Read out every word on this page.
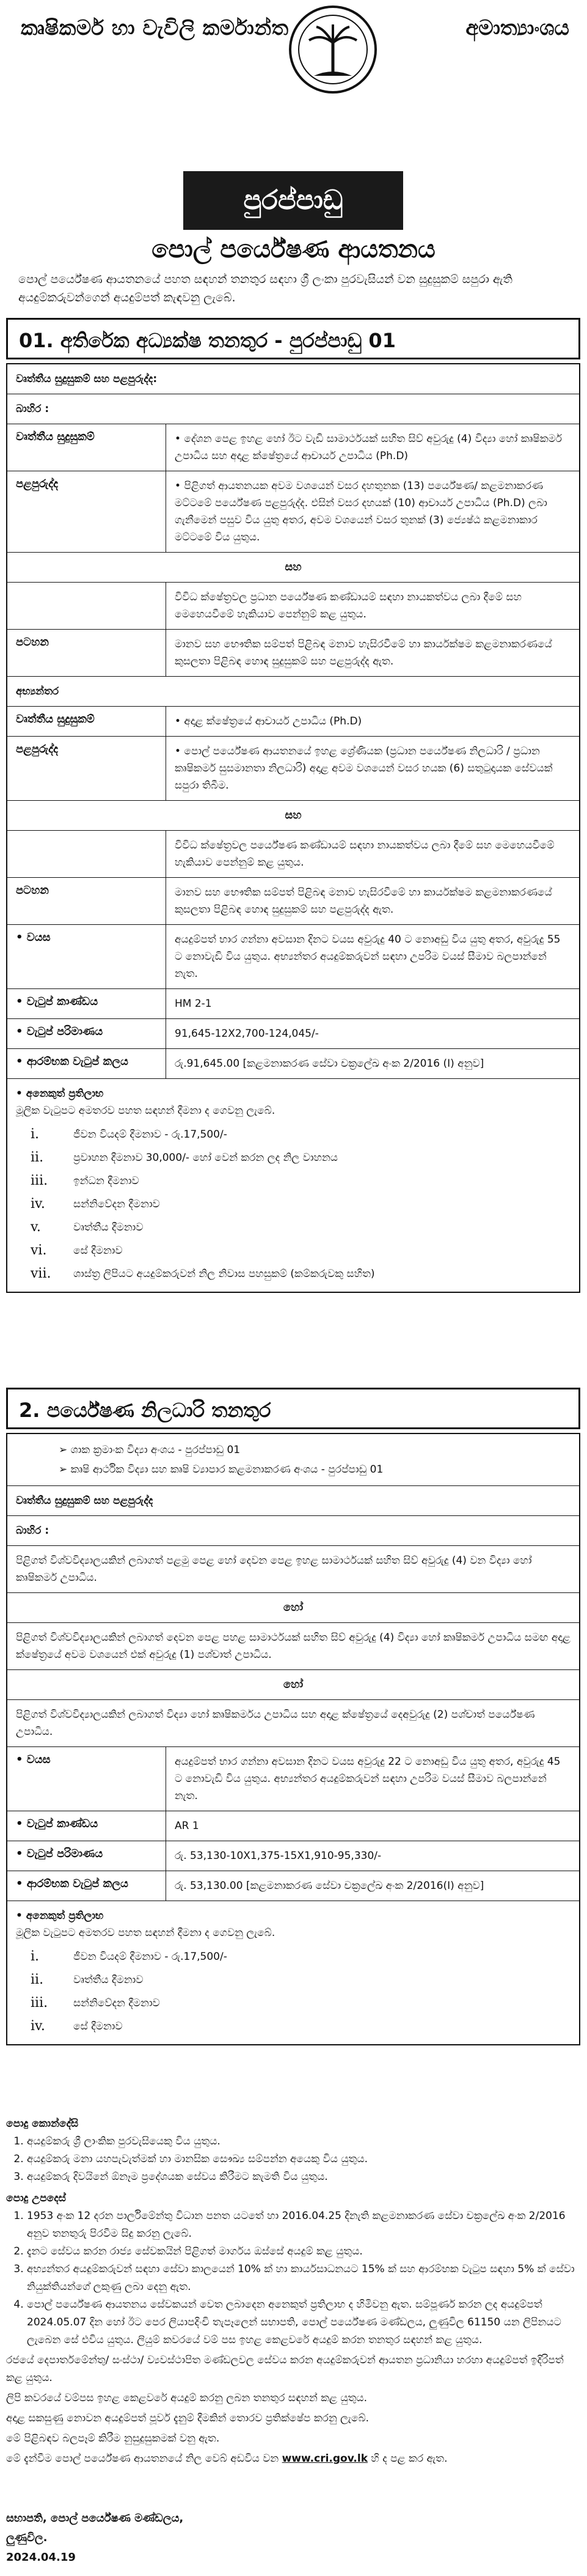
කෘෂිකර්ම හා වැවිලි කර්මාන්ත	අමාත්‍යාංශය
පුරප්පාඩු
පොල් පර්යේෂණ ආයතනය
පොල් පර්යේෂණ ආයතනයේ පහත සඳහන් තනතුර සඳහා ශ්‍රී ලංකා පුරවැසියන් වන සුදුසුකම් සපුරා ඇති අයදුම්කරුවන්ගෙන් අයදුම්පත් කැඳවනු ලැබේ.
01. අතිරේක අධ්‍යක්ෂ තනතුර - පුරප්පාඩු 01
වෘත්තීය සුදුසුකම් සහ පළපුරුද්ද:
බාහිර :
වෘත්තීය සුදුසුකම්	• දේශන පෙළ ඉහළ හෝ ඊට වැඩි සාමාර්ථයක් සහිත සිව් අවුරුදු (4) විද්‍යා හෝ කෘෂිකර්ම උපාධිය සහ අදාළ ක්ෂේත්‍රයේ ආචාර්ය උපාධිය (Ph.D)
පළපුරුද්ද	• පිළිගත් ආයතනයක අවම වශයෙන් වසර දහතුනක (13) පර්යේෂණ/ කළමනාකරණ මට්ටමේ පර්යේෂණ පළපුරුද්ද. එසින් වසර දහයක් (10) ආචාර්ය උපාධිය (Ph.D) ලබා ගැනීමෙන් පසුව විය යුතු අතර, අවම වශයෙන් වසර තුනක් (3) ජ්‍යෙෂ්ඨ කළමනාකාර මට්ටමේ විය යුතුය.
සහ
විවිධ ක්ෂේත්‍රවල ප්‍රධාන පර්යේෂණ කණ්ඩායම් සඳහා නායකත්වය ලබා දීමේ සහ මෙහෙයවීමේ හැකියාව පෙන්නුම් කළ යුතුය.
පටහන	මානව සහ භෞතික සම්පත් පිළිබඳ මනාව හැසිරවීමේ හා කාර්යක්ෂම කළමනාකරණයේ කුසලතා පිළිබඳ හොඳ සුදුසුකම් සහ පළපුරුද්ද ඇත.
අභ්‍යන්තර
වෘත්තීය සුදුසුකම්	• අදාළ ක්ෂේත්‍රයේ ආචාර්ය උපාධිය (Ph.D)
පළපුරුද්ද	• පොල් පර්යේෂණ ආයතනයේ ඉහළ ශ්‍රේණියක (ප්‍රධාන පර්යේෂණ නිලධාරි / ප්‍රධාන කෘෂිකර්ම සුසමානතා නිලධාරි) අදාළ අවම වශයෙන් වසර හයක (6) සතුටුදායක සේවයක් සපුරා තිබීම.
සහ
විවිධ ක්ෂේත්‍රවල පර්යේෂණ කණ්ඩායම් සඳහා නායකත්වය ලබා දීමේ සහ මෙහෙයවීමේ හැකියාව පෙන්නුම් කළ යුතුය.
පටහන	මානව සහ භෞතික සම්පත් පිළිබඳ මනාව හැසිරවීමේ හා කාර්යක්ෂම කළමනාකරණයේ කුසලතා පිළිබඳ හොඳ සුදුසුකම් සහ පළපුරුද්ද ඇත.
• වයස	අයදුම්පත් භාර ගන්නා අවසාන දිනට වයස අවුරුදු 40 ට නොඅඩු විය යුතු අතර, අවුරුදු 55 ට නොවැඩි විය යුතුය. අභ්‍යන්තර අයදුම්කරුවන් සඳහා උපරිම වයස් සීමාව බලපාන්නේ නැත.
• වැටුප් කාණ්ඩය	HM 2-1
• වැටුප් පරිමාණය	91,645-12X2,700-124,045/-
• ආරම්භක වැටුප් කලය	රු.91,645.00 [කළමනාකරණ සේවා චක්‍රලේඛ අංක 2/2016 (I) අනුව]
• අනෙකුත් ප්‍රතිලාභ
මූලික වැටුපට අමතරව පහත සඳහන් දීමනා ද ගෙවනු ලැබේ.
i.	ජීවන වියදම් දීමනාව - රු.17,500/-
ii.	ප්‍රවාහන දීමනාව 30,000/- හෝ වෙන් කරන ලද නිල වාහනය
iii.	ඉන්ධන දීමනාව
iv.	සන්නිවේදන දීමනාව
v.	වෘත්තීය දීමනාව
vi.	සේ දීමනාව
vii.	ශාස්ත්‍ර ලිපියට අයදුම්කරුවන් නිල නිවාස පහසුකම් (කම්කරුවකු සහිත)
2. පර්යේෂණ නිලධාරි තනතුර
➢ ශාක ක්‍රමාංක විද්‍යා අංශය - පුරප්පාඩු 01
➢ කෘෂි ආර්ථික විද්‍යා සහ කෘෂි ව්‍යාපාර කළමනාකරණ අංශය - පුරප්පාඩු 01
වෘත්තීය සුදුසුකම් සහ පළපුරුද්ද
බාහිර :
පිළිගත් විශ්වවිද්‍යාලයකින් ලබාගත් පළමු පෙළ හෝ දෙවන පෙළ ඉහළ සාමාර්ථයක් සහිත සිව් අවුරුදු (4) වන විද්‍යා හෝ කෘෂිකර්ම උපාධිය.
හෝ
පිළිගත් විශ්වවිද්‍යාලයකින් ලබාගත් දෙවන පෙළ පහළ සාමාර්ථයක් සහිත සිව් අවුරුදු (4) විද්‍යා හෝ කෘෂිකර්ම උපාධිය සමඟ අදාළ ක්ෂේත්‍රයේ අවම වශයෙන් එක් අවුරුදු (1) පශ්චාත් උපාධිය.
හෝ
පිළිගත් විශ්වවිද්‍යාලයකින් ලබාගත් විද්‍යා හෝ කෘෂිකර්මය උපාධිය සහ අදාළ ක්ෂේත්‍රයේ දෙඅවුරුදු (2) පශ්චාත් පර්යේෂණ උපාධිය.
• වයස	අයදුම්පත් භාර ගන්නා අවසාන දිනට වයස අවුරුදු 22 ට නොඅඩු විය යුතු අතර, අවුරුදු 45 ට නොවැඩි විය යුතුය. අභ්‍යන්තර අයදුම්කරුවන් සඳහා උපරිම වයස් සීමාව බලපාන්නේ නැත.
• වැටුප් කාණ්ඩය	AR 1
• වැටුප් පරිමාණය	රු. 53,130-10X1,375-15X1,910-95,330/-
• ආරම්භක වැටුප් කලය	රු. 53,130.00 [කළමනාකරණ සේවා චක්‍රලේඛ අංක 2/2016(I) අනුව]
• අනෙකුත් ප්‍රතිලාභ
මූලික වැටුපට අමතරව පහත සඳහන් දීමනා ද ගෙවනු ලැබේ.
i.	ජීවන වියදම් දීමනාව - රු.17,500/-
ii.	වෘත්තීය දීමනාව
iii.	සන්නිවේදන දීමනාව
iv.	සේ දීමනාව
පොදු කොන්දේසි
1. අයදුම්කරු ශ්‍රී ලාංකික පුරවැසියෙකු විය යුතුය.
2. අයදුම්කරු මනා යහපැවැත්මක් හා මානසික සෞඛ්‍ය සම්පන්න අයෙකු විය යුතුය.
3. අයදුම්කරු දිවයිනේ ඕනෑම ප්‍රදේශයක සේවය කිරීමට කැමති විය යුතුය.
පොදු උපදෙස්
1. 1953 අංක 12 දරන පාර්ලිමේන්තු විධාන පනත යටතේ හා 2016.04.25 දිනැති කළමනාකරණ සේවා චක්‍රලේඛ අංක 2/2016 අනුව තනතුරු පිරවීම සිදු කරනු ලැබේ.
2. දැනට සේවය කරන රාජ්‍ය සේවකයින් පිළිගත් මාර්ගය ඔස්සේ අයදුම් කළ යුතුය.
3. අභ්‍යන්තර අයදුම්කරුවන් සඳහා සේවා කාලයෙන් 10% ක් හා කාර්යසාධනයට 15% ක් සහ ආරම්භක වැටුප සඳහා 5% ක් සේවා නියුක්තියන්ගේ ලකුණු ලබා දෙනු ඇත.
4. පොල් පර්යේෂණ ආයතනය සේවකයන් වෙත ලබාදෙන අනෙකුත් ප්‍රතිලාභ ද හිමිවනු ඇත. සම්පූර්ණ කරන ලද අයදුම්පත් 2024.05.07 දින හෝ ඊට පෙර ලියාපදිංචි තැපෑලෙන් සභාපති, පොල් පර්යේෂණ මණ්ඩලය, ලුණුවිල 61150 යන ලිපිනයට ලැබෙන සේ එවිය යුතුය. ලියුම් කවරයේ වම් පස ඉහළ කෙළවරේ අයදුම් කරන තනතුර සඳහන් කළ යුතුය.

රජයේ දෙපාර්තමේන්තු/ සංස්ථා/ ව්‍යවස්ථාපිත මණ්ඩලවල සේවය කරන අයදුම්කරුවන් ආයතන ප්‍රධානියා හරහා අයදුම්පත් ඉදිරිපත් කළ යුතුය.

ලිපි කවරයේ වම්පස ඉහළ කෙළවරේ අයදුම් කරනු ලබන තනතුර සඳහන් කළ යුතුය.

අදාළ සකසුණු නොවන අයදුම්පත් පූර්ව දැනුම් දීමකින් තොරව ප්‍රතික්ෂේප කරනු ලැබේ.

මේ පිළිබඳව බලපෑම් කිරීම නුසුදුසුකමක් වනු ඇත.

මේ දැන්වීම පොල් පර්යේෂණ ආයතනයේ නිල වෙබ් අඩවිය වන www.cri.gov.lk හි ද පළ කර ඇත.

සභාපති, පොල් පර්යේෂණ මණ්ඩලය,
ලුණුවිල.
2024.04.19
